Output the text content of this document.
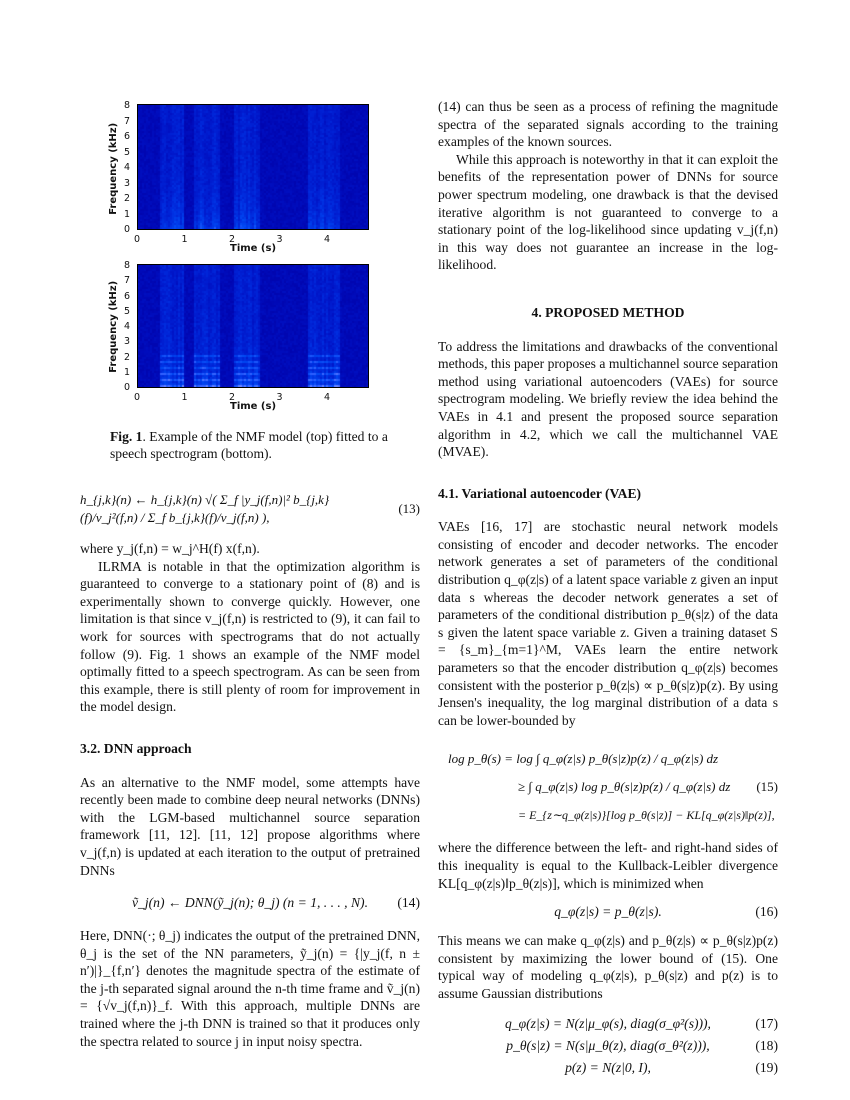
Frequency (kHz)
Time (s)
0
1
2
3
4
5
6
7
8
0	1	2	3	4
Frequency (kHz)
Time (s)
0
1
2
3
4
5
6
7
8
0	1	2	3	4
Fig. 1. Example of the NMF model (top) fitted to a speech spectrogram (bottom).
h_{j,k}(n) ← h_{j,k}(n) √( Σ_f |y_j(f,n)|² b_{j,k}(f)/v_j²(f,n) / Σ_f b_{j,k}(f)/v_j(f,n) ),
(13)

where y_j(f,n) = w_j^H(f) x(f,n).

ILRMA is notable in that the optimization algorithm is guaranteed to converge to a stationary point of (8) and is experimentally shown to converge quickly. However, one limitation is that since v_j(f,n) is restricted to (9), it can fail to work for sources with spectrograms that do not actually follow (9). Fig. 1 shows an example of the NMF model optimally fitted to a speech spectrogram. As can be seen from this example, there is still plenty of room for improvement in the model design.

3.2. DNN approach

As an alternative to the NMF model, some attempts have recently been made to combine deep neural networks (DNNs) with the LGM-based multichannel source separation framework [11, 12]. [11, 12] propose algorithms where v_j(f,n) is updated at each iteration to the output of pretrained DNNs

ṽ_j(n) ← DNN(ỹ_j(n); θ_j) (n = 1, . . . , N). (14)

Here, DNN(·; θ_j) indicates the output of the pretrained DNN, θ_j is the set of the NN parameters, ỹ_j(n) = {|y_j(f, n ± n′)|}_{f,n′} denotes the magnitude spectra of the estimate of the j-th separated signal around the n-th time frame and ṽ_j(n) = {√v_j(f,n)}_f. With this approach, multiple DNNs are trained where the j-th DNN is trained so that it produces only the spectra related to source j in input noisy spectra.

(14) can thus be seen as a process of refining the magnitude spectra of the separated signals according to the training examples of the known sources.

While this approach is noteworthy in that it can exploit the benefits of the representation power of DNNs for source power spectrum modeling, one drawback is that the devised iterative algorithm is not guaranteed to converge to a stationary point of the log-likelihood since updating v_j(f,n) in this way does not guarantee an increase in the log-likelihood.

4. PROPOSED METHOD

To address the limitations and drawbacks of the conventional methods, this paper proposes a multichannel source separation method using variational autoencoders (VAEs) for source spectrogram modeling. We briefly review the idea behind the VAEs in 4.1 and present the proposed source separation algorithm in 4.2, which we call the multichannel VAE (MVAE).

4.1. Variational autoencoder (VAE)

VAEs [16, 17] are stochastic neural network models consisting of encoder and decoder networks. The encoder network generates a set of parameters of the conditional distribution q_φ(z|s) of a latent space variable z given an input data s whereas the decoder network generates a set of parameters of the conditional distribution p_θ(s|z) of the data s given the latent space variable z. Given a training dataset S = {s_m}_{m=1}^M, VAEs learn the entire network parameters so that the encoder distribution q_φ(z|s) becomes consistent with the posterior p_θ(z|s) ∝ p_θ(s|z)p(z). By using Jensen's inequality, the log marginal distribution of a data s can be lower-bounded by

log p_θ(s) = log ∫ q_φ(z|s) p_θ(s|z)p(z) / q_φ(z|s) dz
≥ ∫ q_φ(z|s) log p_θ(s|z)p(z) / q_φ(z|s) dz
= E_{z∼q_φ(z|s)}[log p_θ(s|z)] − KL[q_φ(z|s)‖p(z)],
(15)

where the difference between the left- and right-hand sides of this inequality is equal to the Kullback-Leibler divergence KL[q_φ(z|s)‖p_θ(z|s)], which is minimized when

q_φ(z|s) = p_θ(z|s).	(16)

This means we can make q_φ(z|s) and p_θ(z|s) ∝ p_θ(s|z)p(z) consistent by maximizing the lower bound of (15). One typical way of modeling q_φ(z|s), p_θ(s|z) and p(z) is to assume Gaussian distributions

q_φ(z|s) = N(z|μ_φ(s), diag(σ_φ²(s))),	(17)
p_θ(s|z) = N(s|μ_θ(z), diag(σ_θ²(z))),	(18)
p(z) = N(z|0, I),	(19)
